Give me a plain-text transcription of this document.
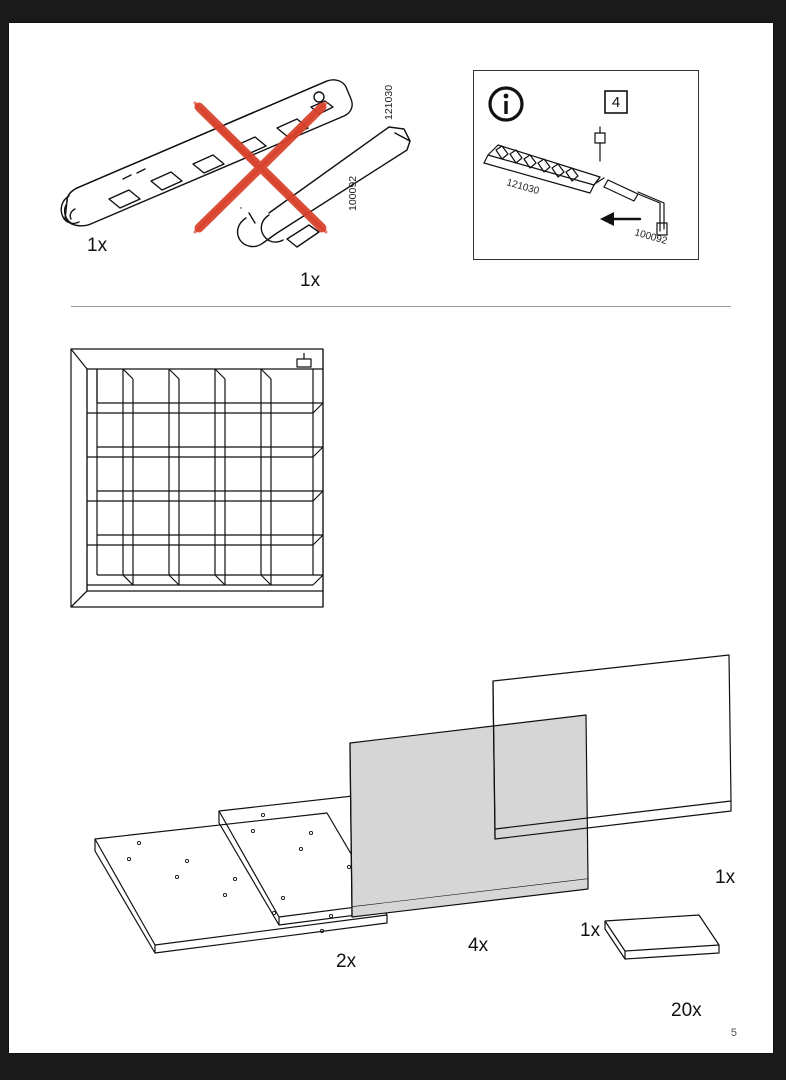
121030
100092
1x
1x
4
121030
100092
2x
4x
1x
1x
20x
5
